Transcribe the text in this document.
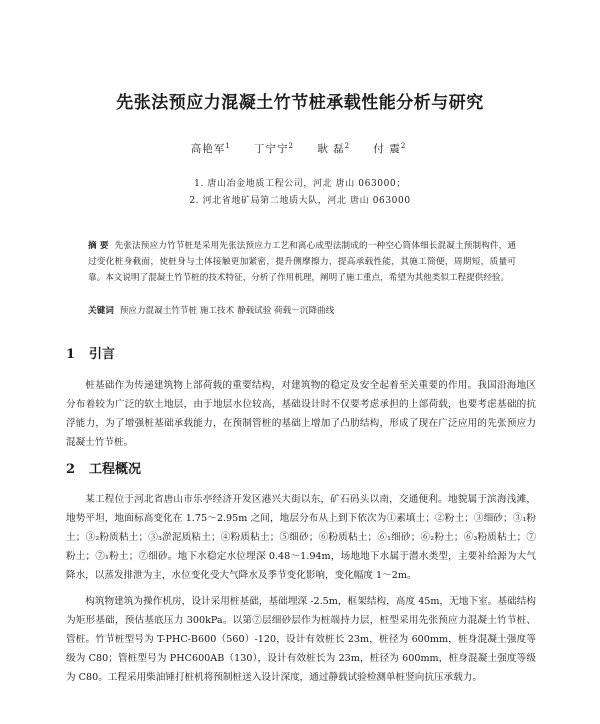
先张法预应力混凝土竹节桩承载性能分析与研究
高艳军$^1$ 丁宁宁$^2$ 耿 磊$^2$ 付 震$^2$
1. 唐山冶金地质工程公司，河北 唐山 063000；
2. 河北省地矿局第二地质大队，河北 唐山 063000
摘 要 先张法预应力竹节桩是采用先张法预应力工艺和离心成型法制成的一种空心筒体细长混凝土预制构件，通过变化桩身截面，使桩身与土体接触更加紧密，提升侧摩擦力，提高承载性能，其施工简便，周期短，质量可靠。本文说明了混凝土竹节桩的技术特征，分析了作用机理，阐明了施工重点，希望为其他类似工程提供经验。
关键词 预应力混凝土竹节桩 施工技术 静载试验 荷载－沉降曲线
1 引言

桩基础作为传递建筑物上部荷载的重要结构，对建筑物的稳定及安全起着至关重要的作用。我国沿海地区分布着较为广泛的软土地层，由于地层水位较高，基础设计时不仅要考虑承担的上部荷载，也要考虑基础的抗浮能力，为了增强桩基础承载能力，在预制管桩的基础上增加了凸肋结构，形成了现在广泛应用的先张预应力混凝土竹节桩。

2 工程概况

某工程位于河北省唐山市乐亭经济开发区港兴大街以东，矿石码头以南，交通便利。地貌属于滨海浅滩，地势平坦，地面标高变化在 1.75～2.95m 之间，地层分布从上到下依次为①素填土；②粉土；③细砂；③₁粉土；③₂粉质粘土；③₃淤泥质粘土；④粉质粘土；⑤细砂；⑥粉质粘土；⑥₁细砂；⑥₂粉土；⑥₃粉质粘土；⑦粉土；⑦₁粉土；⑦细砂。地下水稳定水位埋深 0.48～1.94m，场地地下水属于潜水类型，主要补给源为大气降水，以蒸发排泄为主，水位变化受大气降水及季节变化影响，变化幅度 1～2m。

构筑物建筑为操作机房，设计采用桩基础，基础埋深 -2.5m，框架结构，高度 45m，无地下室。基础结构为矩形基础，预估基底压力 300kPa。以第⑦层细砂层作为桩端持力层，桩型采用先张预应力混凝土竹节桩、管桩。竹节桩型号为 T-PHC-B600（560）-120，设计有效桩长 23m，桩径为 600mm，桩身混凝土强度等级为 C80；管桩型号为 PHC600AB（130），设计有效桩长为 23m，桩径为 600mm，桩身混凝土强度等级为 C80。工程采用柴油锤打桩机将预制桩送入设计深度，通过静载试验检测单桩竖向抗压承载力。
